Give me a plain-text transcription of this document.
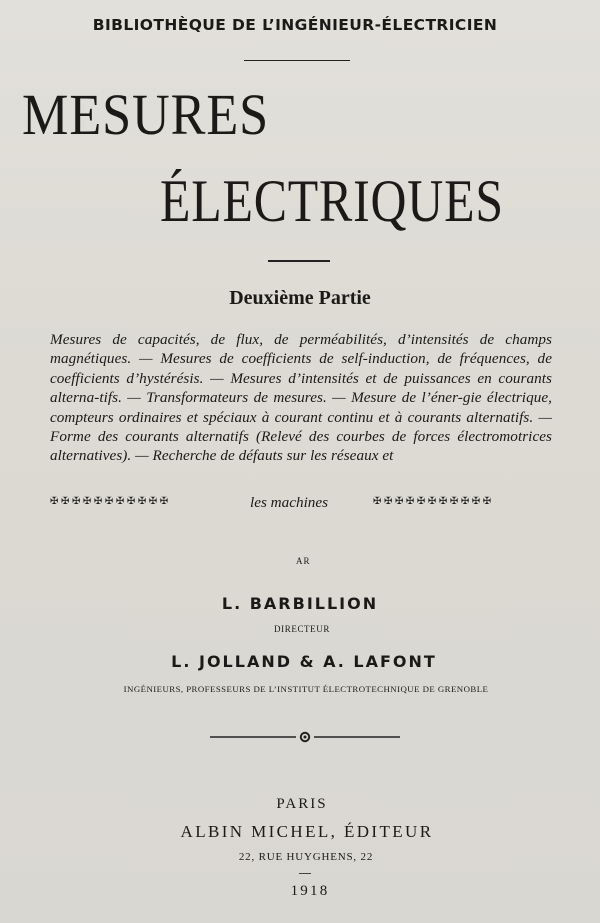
BIBLIOTHÈQUE DE L’INGÉNIEUR-ÉLECTRICIEN
MESURES
ÉLECTRIQUES
Deuxième Partie
Mesures de capacités, de flux, de perméabilités, d’intensités de champs magnétiques. — Mesures de coefficients de self-induction, de fréquences, de coefficients d’hystérésis. — Mesures d’intensités et de puissances en courants alterna-tifs. — Transformateurs de mesures. — Mesure de l’éner-gie électrique, compteurs ordinaires et spéciaux à courant continu et à courants alternatifs. — Forme des courants alternatifs (Relevé des courbes de forces électromotrices alternatives). — Recherche de défauts sur les réseaux et
✠✠✠✠✠✠✠✠✠✠✠	les machines	✠✠✠✠✠✠✠✠✠✠✠
AR
L. BARBILLION
DIRECTEUR
L. JOLLAND & A. LAFONT
INGÉNIEURS, PROFESSEURS DE L’INSTITUT ÉLECTROTECHNIQUE DE GRENOBLE
PARIS
ALBIN MICHEL, ÉDITEUR
22, RUE HUYGHENS, 22
1918
